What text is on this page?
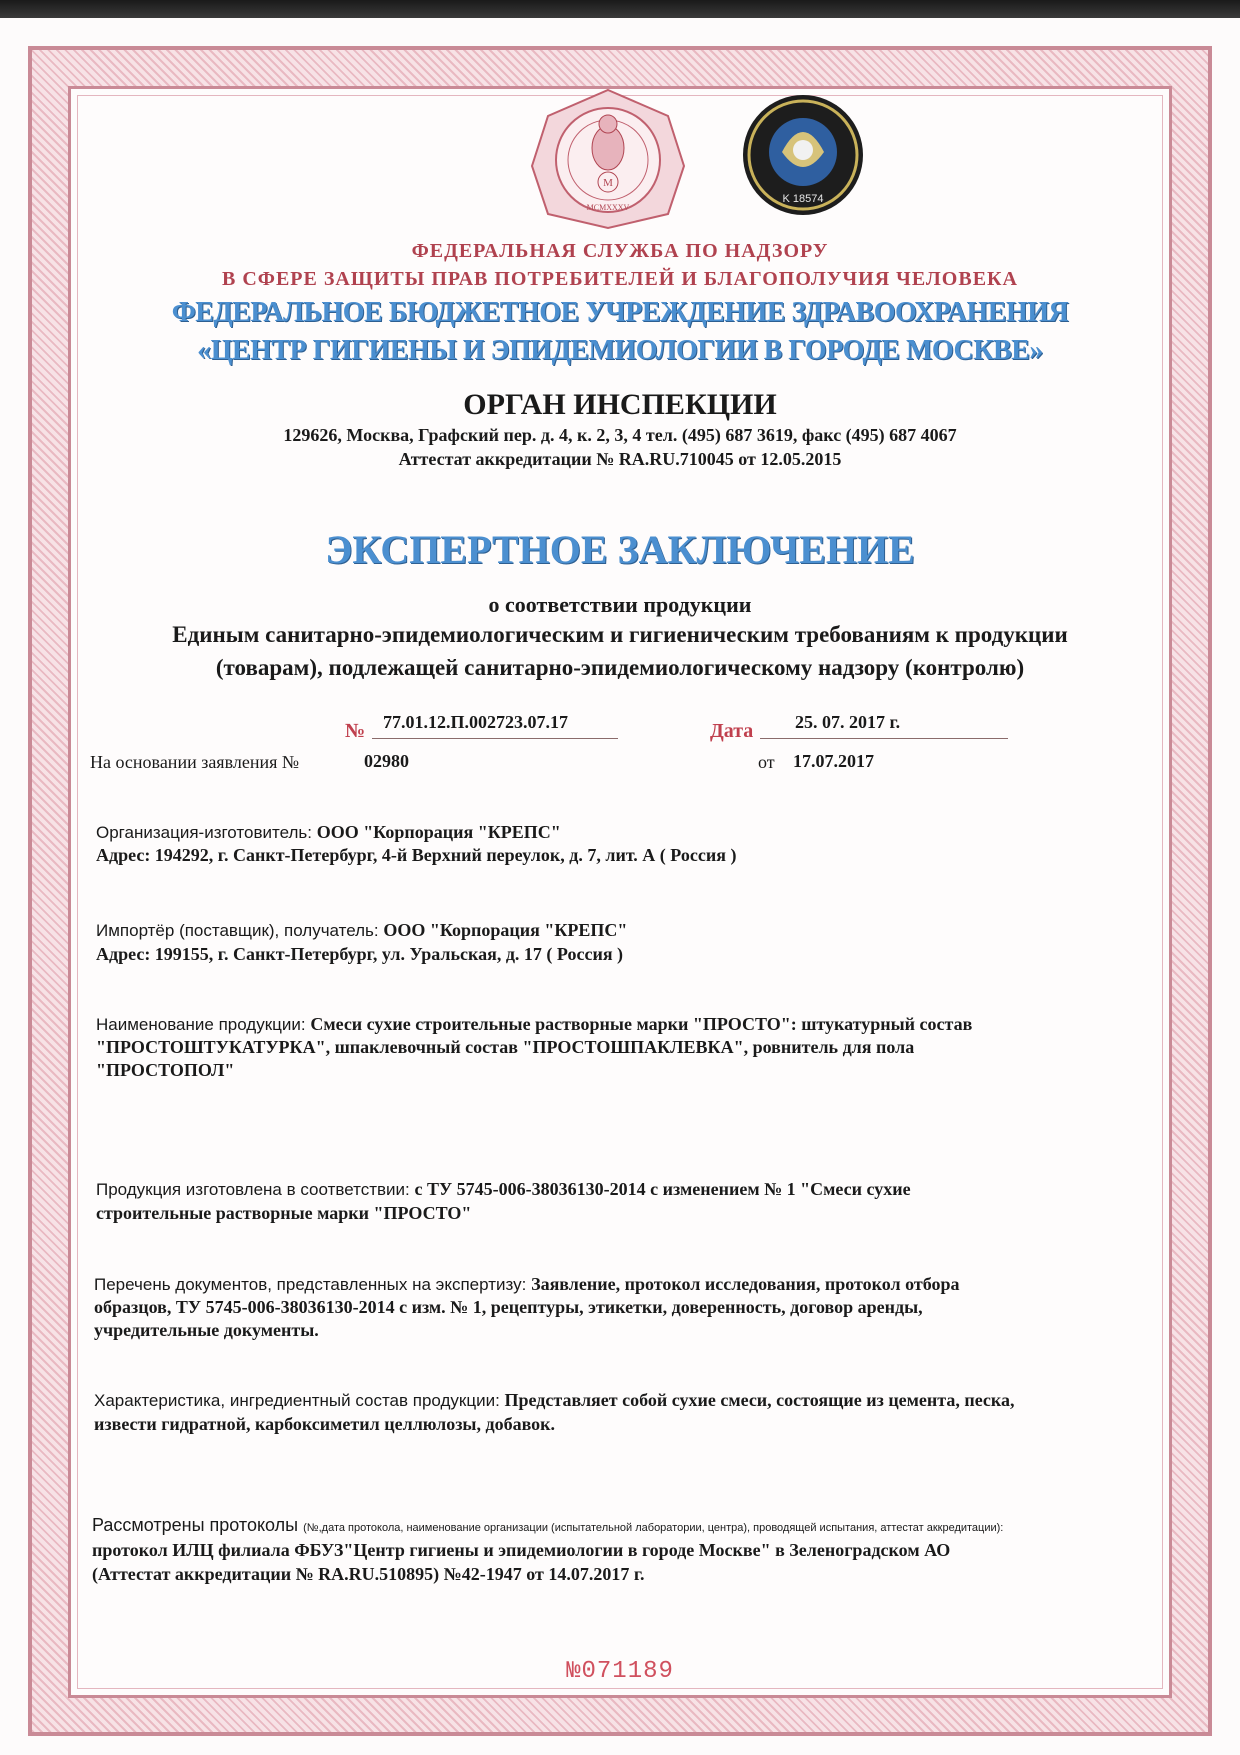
M
MCMXXXV
K 18574
ФЕДЕРАЛЬНАЯ СЛУЖБА ПО НАДЗОРУ
В СФЕРЕ ЗАЩИТЫ ПРАВ ПОТРЕБИТЕЛЕЙ И БЛАГОПОЛУЧИЯ ЧЕЛОВЕКА
ФЕДЕРАЛЬНОЕ БЮДЖЕТНОЕ УЧРЕЖДЕНИЕ ЗДРАВООХРАНЕНИЯ
«ЦЕНТР ГИГИЕНЫ И ЭПИДЕМИОЛОГИИ В ГОРОДЕ МОСКВЕ»
ОРГАН ИНСПЕКЦИИ
129626, Москва, Графский пер. д. 4, к. 2, 3, 4 тел. (495) 687 3619, факс (495) 687 4067
Аттестат аккредитации № RA.RU.710045 от 12.05.2015
ЭКСПЕРТНОЕ ЗАКЛЮЧЕНИЕ
о соответствии продукции
Единым санитарно-эпидемиологическим и гигиеническим требованиям к продукции
(товарам), подлежащей санитарно-эпидемиологическому надзору (контролю)
№ 77.01.12.П.002723.07.17	Дата 25. 07. 2017 г.
На основании заявления №	02980	от 17.07.2017
Организация-изготовитель: ООО "Корпорация "КРЕПС"
Адрес: 194292, г. Санкт-Петербург, 4-й Верхний переулок, д. 7, лит. А ( Россия )
Импортёр (поставщик), получатель: ООО "Корпорация "КРЕПС"
Адрес: 199155, г. Санкт-Петербург, ул. Уральская, д. 17 ( Россия )
Наименование продукции: Смеси сухие строительные растворные марки "ПРОСТО": штукатурный состав
"ПРОСТОШТУКАТУРКА", шпаклевочный состав "ПРОСТОШПАКЛЕВКА", ровнитель для пола
"ПРОСТОПОЛ"
Продукция изготовлена в соответствии: с ТУ 5745-006-38036130-2014 с изменением № 1 "Смеси сухие
строительные растворные марки "ПРОСТО"
Перечень документов, представленных на экспертизу: Заявление, протокол исследования, протокол отбора
образцов, ТУ 5745-006-38036130-2014 с изм. № 1, рецептуры, этикетки, доверенность, договор аренды,
учредительные документы.
Характеристика, ингредиентный состав продукции: Представляет собой сухие смеси, состоящие из цемента, песка,
извести гидратной, карбоксиметил целлюлозы, добавок.
Рассмотрены протоколы (№,дата протокола, наименование организации (испытательной лаборатории, центра), проводящей испытания, аттестат аккредитации):
протокол ИЛЦ филиала ФБУЗ"Центр гигиены и эпидемиологии в городе Москве" в Зеленоградском АО
(Аттестат аккредитации № RA.RU.510895) №42-1947 от 14.07.2017 г.
№071189
